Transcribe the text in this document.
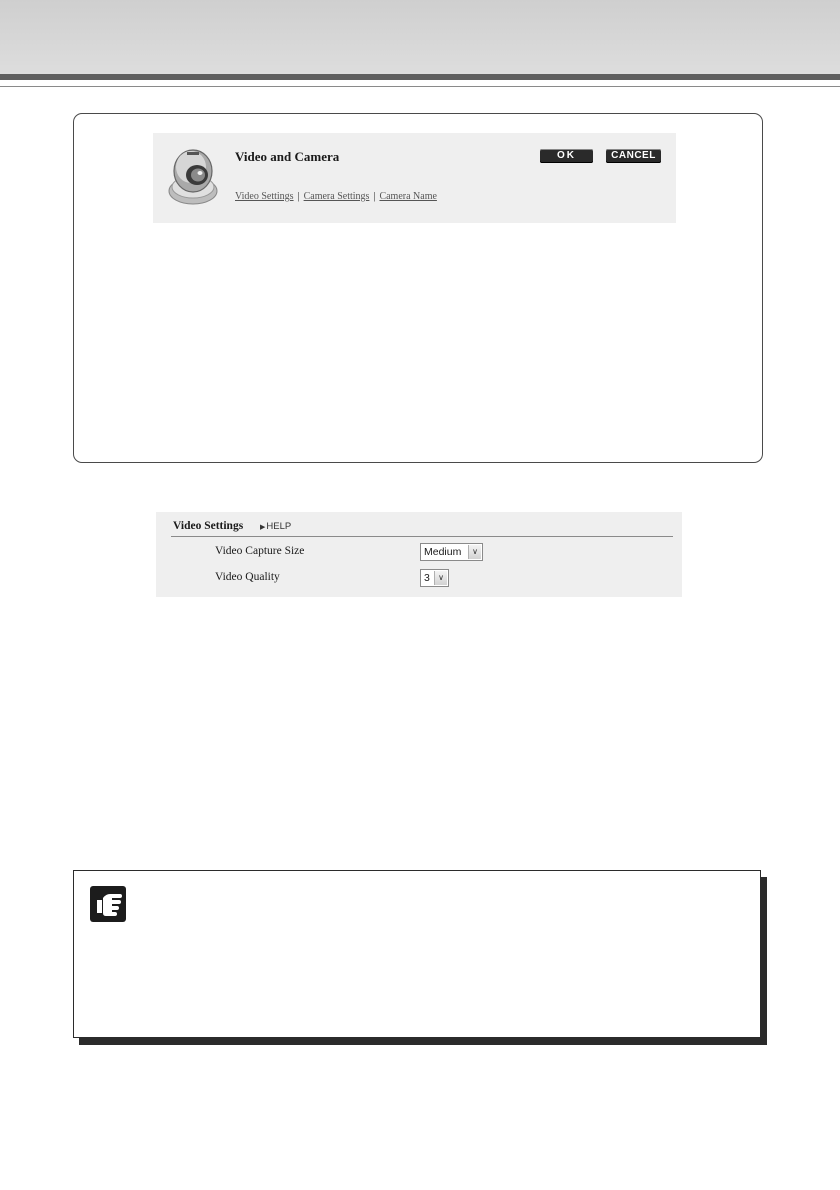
Video and Camera	OK	CANCEL
Video Settings | Camera Settings | Camera Name
Video Settings ▶HELP
Video Capture Size	Medium	∨
Video Quality	3	∨
